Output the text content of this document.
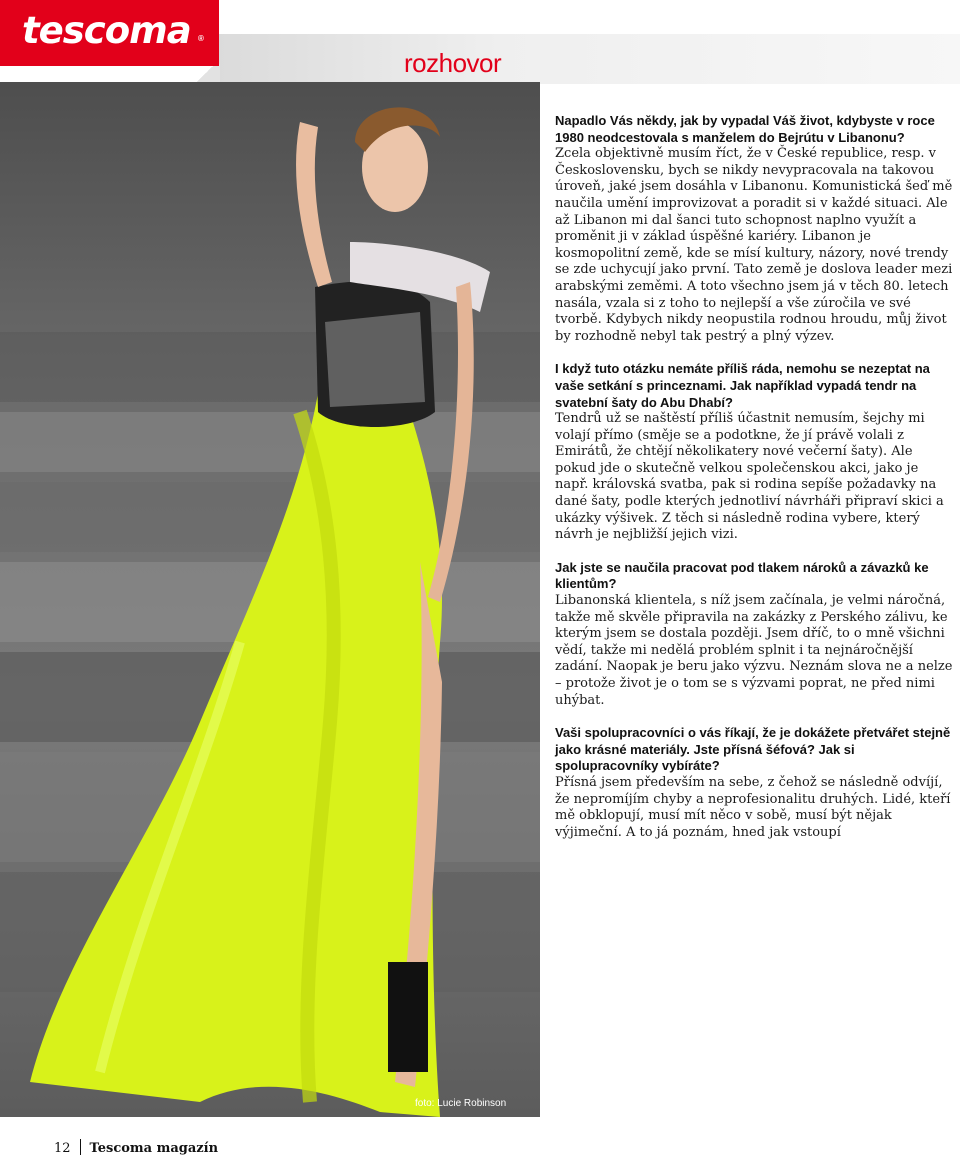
tescoma ®
rozhovor
foto: Lucie Robinson

Napadlo Vás někdy, jak by vypadal Váš život, kdybyste v roce 1980 neodcestovala s manželem do Bejrútu v Libanonu?

Zcela objektivně musím říct, že v České republice, resp. v Československu, bych se nikdy nevypracovala na takovou úroveň, jaké jsem dosáhla v Libanonu. Komunistická šeď mě naučila umění improvizovat a poradit si v každé situaci. Ale až Libanon mi dal šanci tuto schopnost naplno využít a proměnit ji v základ úspěšné kariéry. Libanon je kosmopolitní země, kde se mísí kultury, názory, nové trendy se zde uchycují jako první. Tato země je doslova leader mezi arabskými zeměmi. A toto všechno jsem já v těch 80. letech nasála, vzala si z toho to nejlepší a vše zúročila ve své tvorbě. Kdybych nikdy neopustila rodnou hroudu, můj život by rozhodně nebyl tak pestrý a plný výzev.

I když tuto otázku nemáte příliš ráda, nemohu se nezeptat na vaše setkání s princeznami. Jak například vypadá tendr na svatební šaty do Abu Dhabí?

Tendrů už se naštěstí příliš účastnit nemusím, šejchy mi volají přímo (směje se a podotkne, že jí právě volali z Emirátů, že chtějí několikatery nové večerní šaty). Ale pokud jde o skutečně velkou společenskou akci, jako je např. královská svatba, pak si rodina sepíše požadavky na dané šaty, podle kterých jednotliví návrháři připraví skici a ukázky výšivek. Z těch si následně rodina vybere, který návrh je nejbližší jejich vizi.

Jak jste se naučila pracovat pod tlakem nároků a závazků ke klientům?

Libanonská klientela, s níž jsem začínala, je velmi náročná, takže mě skvěle připravila na zakázky z Perského zálivu, ke kterým jsem se dostala později. Jsem dříč, to o mně všichni vědí, takže mi nedělá problém splnit i ta nejnáročnější zadání. Naopak je beru jako výzvu. Neznám slova ne a nelze – protože život je o tom se s výzvami poprat, ne před nimi uhýbat.

Vaši spolupracovníci o vás říkají, že je dokážete přetvářet stejně jako krásné materiály. Jste přísná šéfová? Jak si spolupracovníky vybíráte?

Přísná jsem především na sebe, z čehož se následně odvíjí, že nepromíjím chyby a neprofesionalitu druhých. Lidé, kteří mě obklopují, musí mít něco v sobě, musí být nějak výjimeční. A to já poznám, hned jak vstoupí

12 Tescoma magazín
